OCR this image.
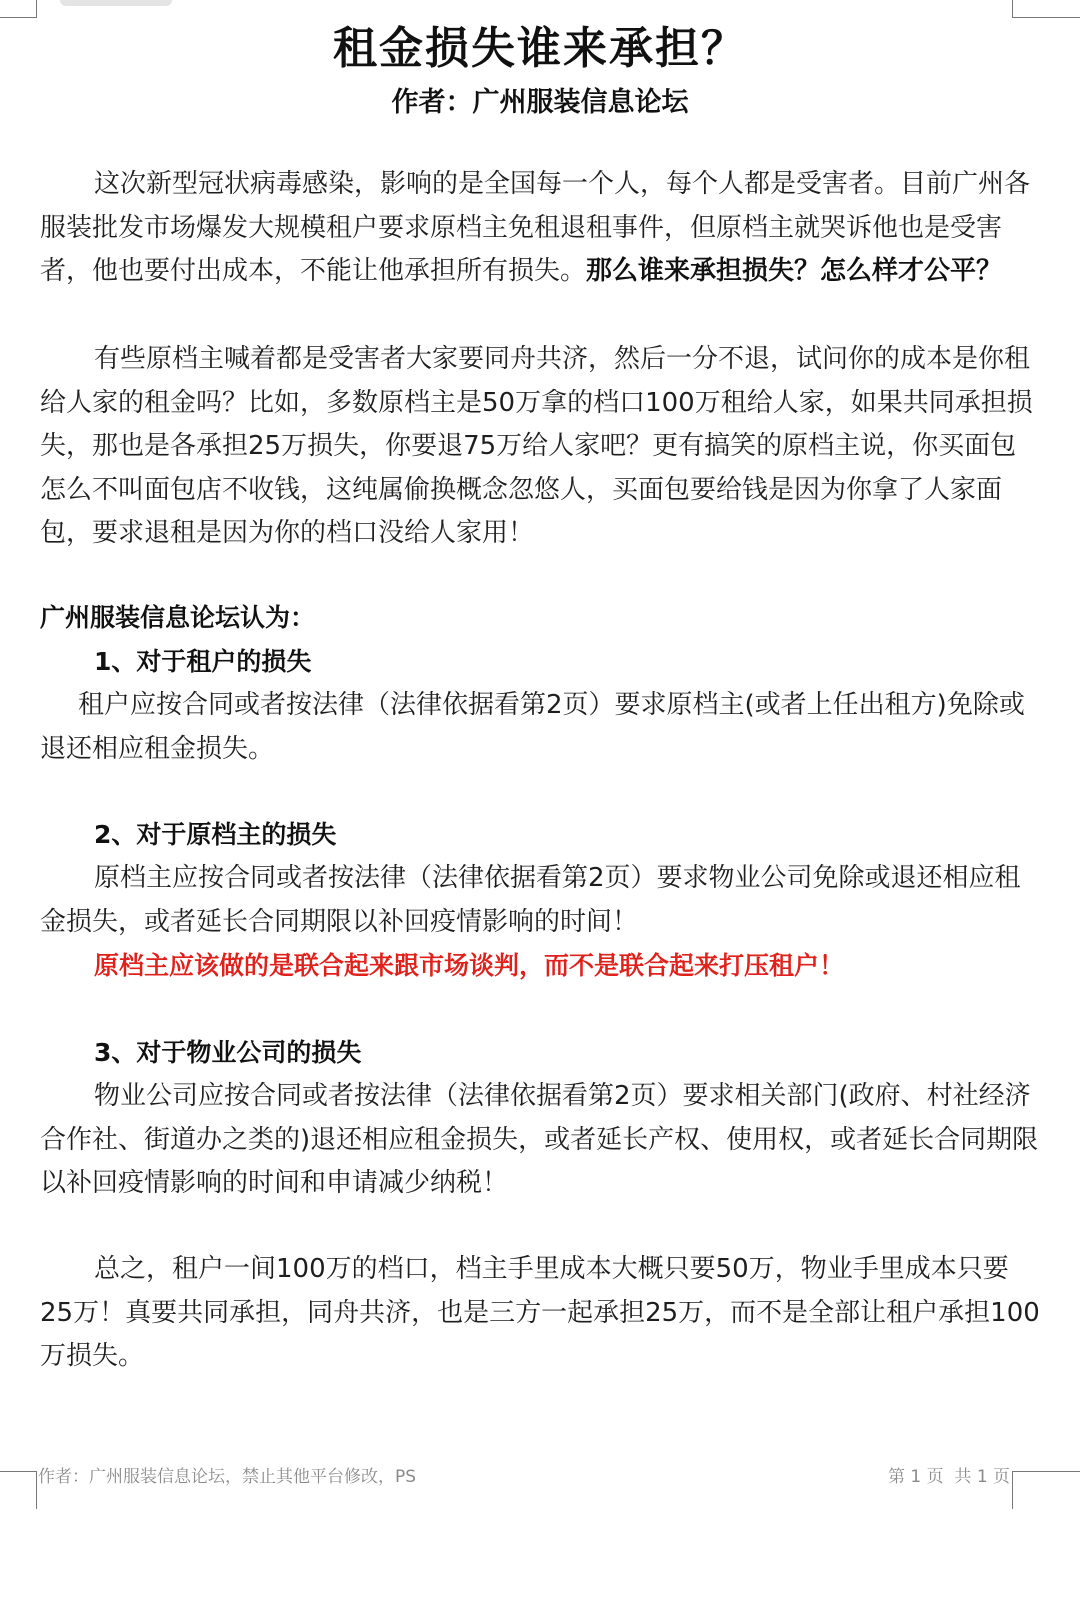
租金损失谁来承担？
作者：广州服装信息论坛

这次新型冠状病毒感染，影响的是全国每一个人，每个人都是受害者。目前广州各服装批发市场爆发大规模租户要求原档主免租退租事件，但原档主就哭诉他也是受害者，他也要付出成本，不能让他承担所有损失。那么谁来承担损失？怎么样才公平？

有些原档主喊着都是受害者大家要同舟共济，然后一分不退，试问你的成本是你租给人家的租金吗？比如，多数原档主是50万拿的档口100万租给人家，如果共同承担损失，那也是各承担25万损失，你要退75万给人家吧？更有搞笑的原档主说，你买面包怎么不叫面包店不收钱，这纯属偷换概念忽悠人，买面包要给钱是因为你拿了人家面包，要求退租是因为你的档口没给人家用！

广州服装信息论坛认为：
1、对于租户的损失

租户应按合同或者按法律（法律依据看第2页）要求原档主(或者上任出租方)免除或退还相应租金损失。

2、对于原档主的损失

原档主应按合同或者按法律（法律依据看第2页）要求物业公司免除或退还相应租金损失，或者延长合同期限以补回疫情影响的时间！

原档主应该做的是联合起来跟市场谈判，而不是联合起来打压租户！
3、对于物业公司的损失

物业公司应按合同或者按法律（法律依据看第2页）要求相关部门(政府、村社经济合作社、街道办之类的)退还相应租金损失，或者延长产权、使用权，或者延长合同期限以补回疫情影响的时间和申请减少纳税！

总之，租户一间100万的档口，档主手里成本大概只要50万，物业手里成本只要25万！真要共同承担，同舟共济，也是三方一起承担25万，而不是全部让租户承担100万损失。

作者：广州服装信息论坛，禁止其他平台修改，PS	第 1 页  共 1 页
